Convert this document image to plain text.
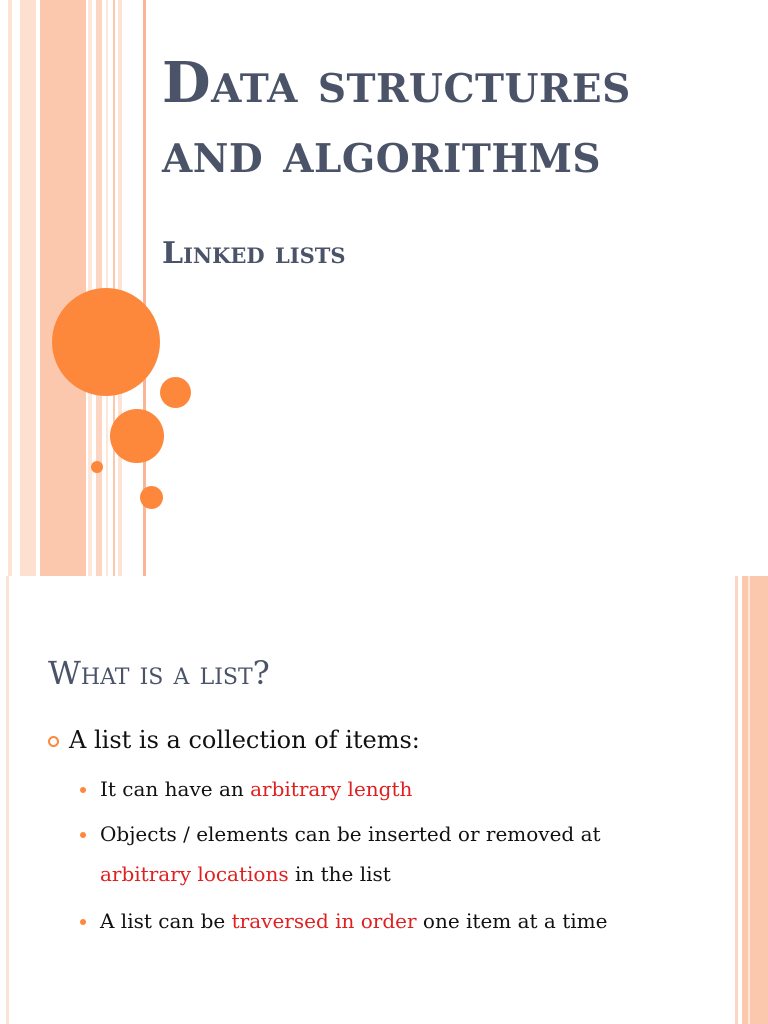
Data structures
and algorithms
Linked lists
What is a list?
A list is a collection of items:
It can have an arbitrary length
Objects / elements can be inserted or removed at arbitrary locations in the list
A list can be traversed in order one item at a time
